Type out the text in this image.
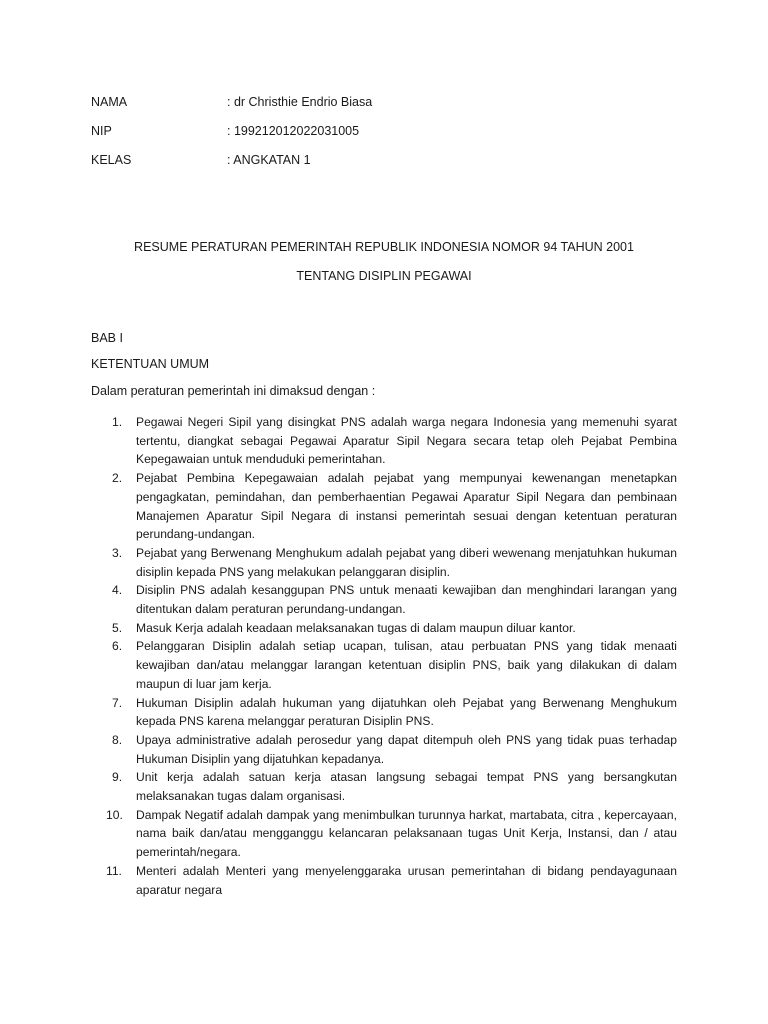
NAMA	: dr Christhie Endrio Biasa
NIP	: 199212012022031005
KELAS	: ANGKATAN 1
RESUME PERATURAN PEMERINTAH REPUBLIK INDONESIA NOMOR 94 TAHUN 2001
TENTANG DISIPLIN PEGAWAI
BAB I
KETENTUAN UMUM
Dalam peraturan pemerintah ini dimaksud dengan :
1.	Pegawai Negeri Sipil yang disingkat PNS adalah warga negara Indonesia yang memenuhi syarat tertentu, diangkat sebagai Pegawai Aparatur Sipil Negara secara tetap oleh Pejabat Pembina Kepegawaian untuk menduduki pemerintahan.
2.	Pejabat Pembina Kepegawaian adalah pejabat yang mempunyai kewenangan menetapkan pengagkatan, pemindahan, dan pemberhaentian Pegawai Aparatur Sipil Negara dan pembinaan Manajemen Aparatur Sipil Negara di instansi pemerintah sesuai dengan ketentuan peraturan perundang-undangan.
3.	Pejabat yang Berwenang Menghukum adalah pejabat yang diberi wewenang menjatuhkan hukuman disiplin kepada PNS yang melakukan pelanggaran disiplin.
4.	Disiplin PNS adalah kesanggupan PNS untuk menaati kewajiban dan menghindari larangan yang ditentukan dalam peraturan perundang-undangan.
5.	Masuk Kerja adalah keadaan melaksanakan tugas di dalam maupun diluar kantor.
6.	Pelanggaran Disiplin adalah setiap ucapan, tulisan, atau perbuatan PNS yang tidak menaati kewajiban dan/atau melanggar larangan ketentuan disiplin PNS, baik yang dilakukan di dalam maupun di luar jam kerja.
7.	Hukuman Disiplin adalah hukuman yang dijatuhkan oleh Pejabat yang Berwenang Menghukum kepada PNS karena melanggar peraturan Disiplin PNS.
8.	Upaya administrative adalah perosedur yang dapat ditempuh oleh PNS yang tidak puas terhadap Hukuman Disiplin yang dijatuhkan kepadanya.
9.	Unit kerja adalah satuan kerja atasan langsung sebagai tempat PNS yang bersangkutan melaksanakan tugas dalam organisasi.
10. Dampak Negatif adalah dampak yang menimbulkan turunnya harkat, martabata, citra , kepercayaan, nama baik dan/atau mengganggu kelancaran pelaksanaan tugas Unit Kerja, Instansi, dan / atau pemerintah/negara.
11.	Menteri adalah Menteri yang menyelenggaraka urusan pemerintahan di bidang pendayagunaan aparatur negara
